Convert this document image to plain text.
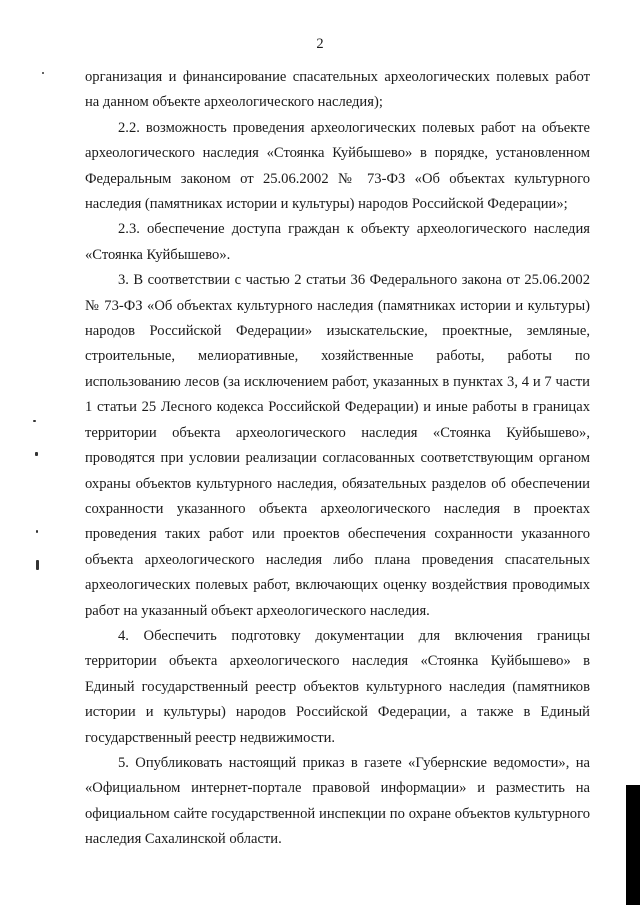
2

организация и финансирование спасательных археологических полевых работ на данном объекте археологического наследия);

2.2. возможность проведения археологических полевых работ на объекте археологического наследия «Стоянка Куйбышево» в порядке, установленном Федеральным законом от 25.06.2002 № 73-ФЗ «Об объектах культурного наследия (памятниках истории и культуры) народов Российской Федерации»;

2.3. обеспечение доступа граждан к объекту археологического наследия «Стоянка Куйбышево».

3. В соответствии с частью 2 статьи 36 Федерального закона от 25.06.2002 № 73-ФЗ «Об объектах культурного наследия (памятниках истории и культуры) народов Российской Федерации» изыскательские, проектные, земляные, строительные, мелиоративные, хозяйственные работы, работы по использованию лесов (за исключением работ, указанных в пунктах 3, 4 и 7 части 1 статьи 25 Лесного кодекса Российской Федерации) и иные работы в границах территории объекта археологического наследия «Стоянка Куйбышево», проводятся при условии реализации согласованных соответствующим органом охраны объектов культурного наследия, обязательных разделов об обеспечении сохранности указанного объекта археологического наследия в проектах проведения таких работ или проектов обеспечения сохранности указанного объекта археологического наследия либо плана проведения спасательных археологических полевых работ, включающих оценку воздействия проводимых работ на указанный объект археологического наследия.

4. Обеспечить подготовку документации для включения границы территории объекта археологического наследия «Стоянка Куйбышево» в Единый государственный реестр объектов культурного наследия (памятников истории и культуры) народов Российской Федерации, а также в Единый государственный реестр недвижимости.

5. Опубликовать настоящий приказ в газете «Губернские ведомости», на «Официальном интернет-портале правовой информации» и разместить на официальном сайте государственной инспекции по охране объектов культурного наследия Сахалинской области.
